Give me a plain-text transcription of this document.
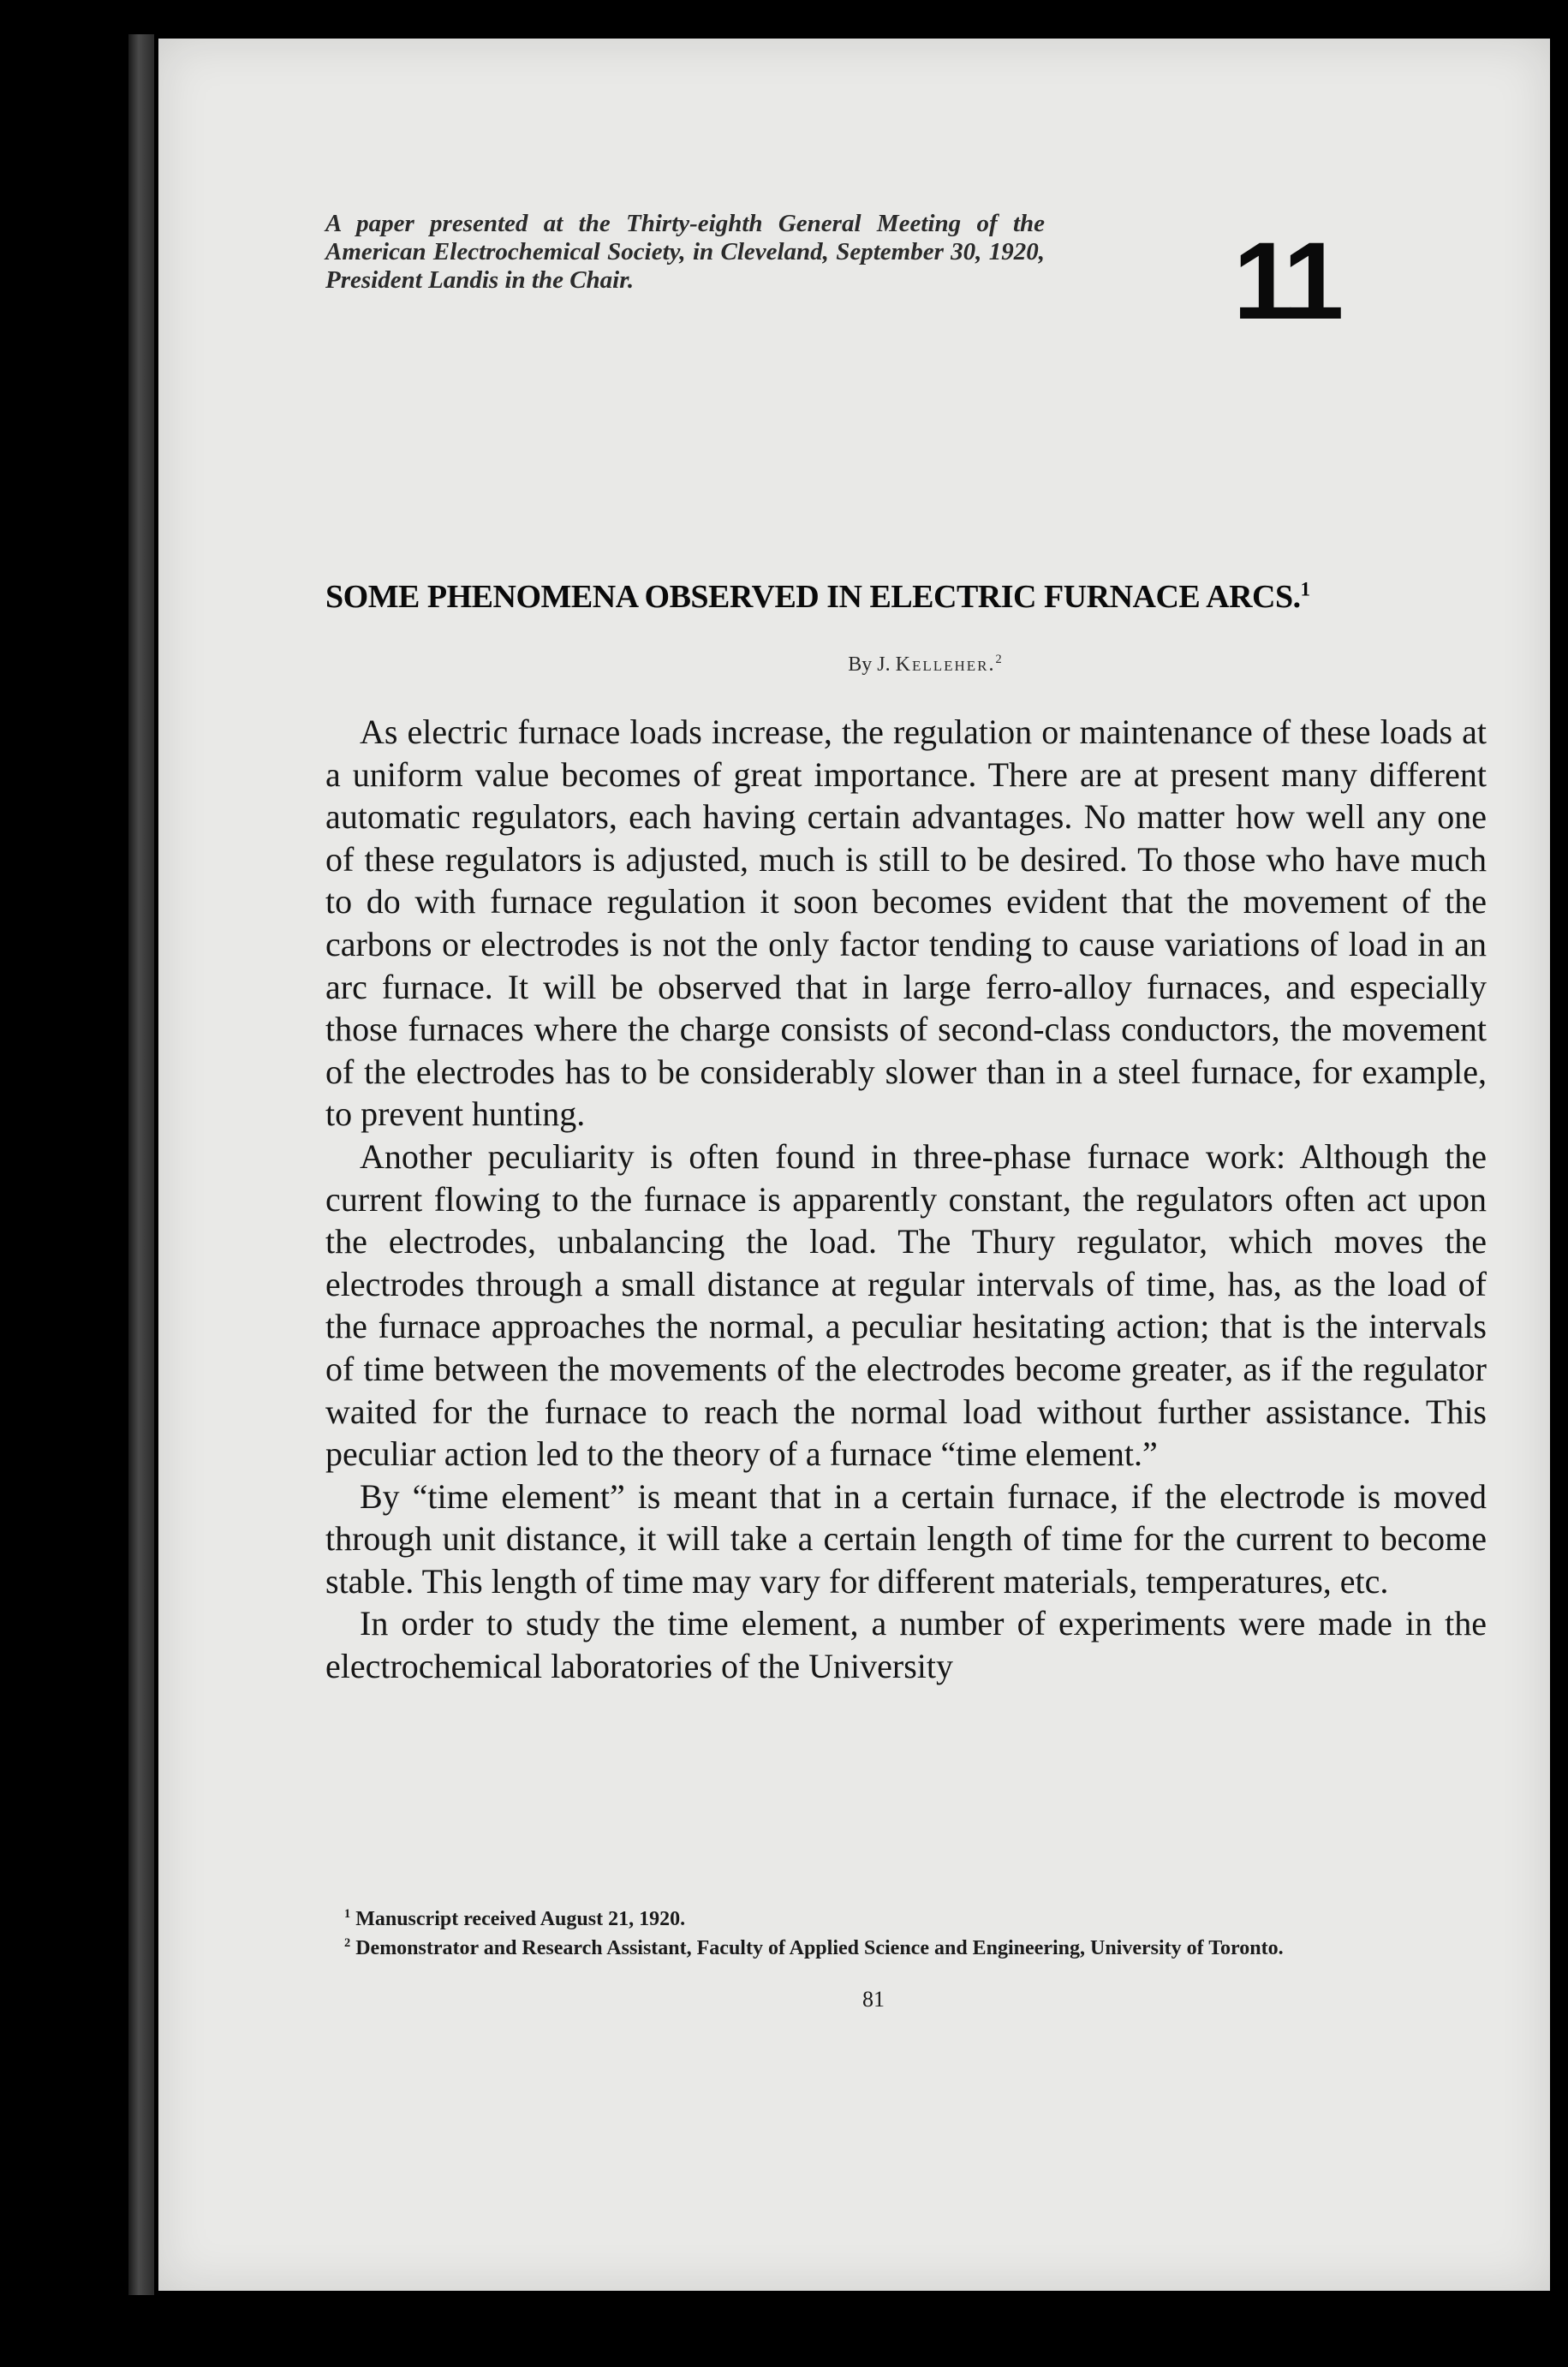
A paper presented at the Thirty-eighth General Meeting of the American Electrochemical Society, in Cleveland, September 30, 1920, President Landis in the Chair.	11
SOME PHENOMENA OBSERVED IN ELECTRIC FURNACE ARCS.$^1$

By J. Kelleher.$^2$

As electric furnace loads increase, the regulation or maintenance of these loads at a uniform value becomes of great importance. There are at present many different automatic regulators, each having certain advantages. No matter how well any one of these regulators is adjusted, much is still to be desired. To those who have much to do with furnace regulation it soon becomes evident that the movement of the carbons or electrodes is not the only factor tending to cause variations of load in an arc furnace. It will be observed that in large ferro-alloy furnaces, and especially those furnaces where the charge consists of second-class conductors, the movement of the electrodes has to be considerably slower than in a steel furnace, for example, to prevent hunting.

Another peculiarity is often found in three-phase furnace work: Although the current flowing to the furnace is apparently constant, the regulators often act upon the electrodes, unbalancing the load. The Thury regulator, which moves the electrodes through a small distance at regular intervals of time, has, as the load of the furnace approaches the normal, a peculiar hesitating action; that is the intervals of time between the movements of the electrodes become greater, as if the regulator waited for the furnace to reach the normal load without further assistance. This peculiar action led to the theory of a furnace “time element.”

By “time element” is meant that in a certain furnace, if the electrode is moved through unit distance, it will take a certain length of time for the current to become stable. This length of time may vary for different materials, temperatures, etc.

In order to study the time element, a number of experiments were made in the electrochemical laboratories of the University

$^1$ Manuscript received August 21, 1920.

$^2$ Demonstrator and Research Assistant, Faculty of Applied Science and Engineering, University of Toronto.

81
